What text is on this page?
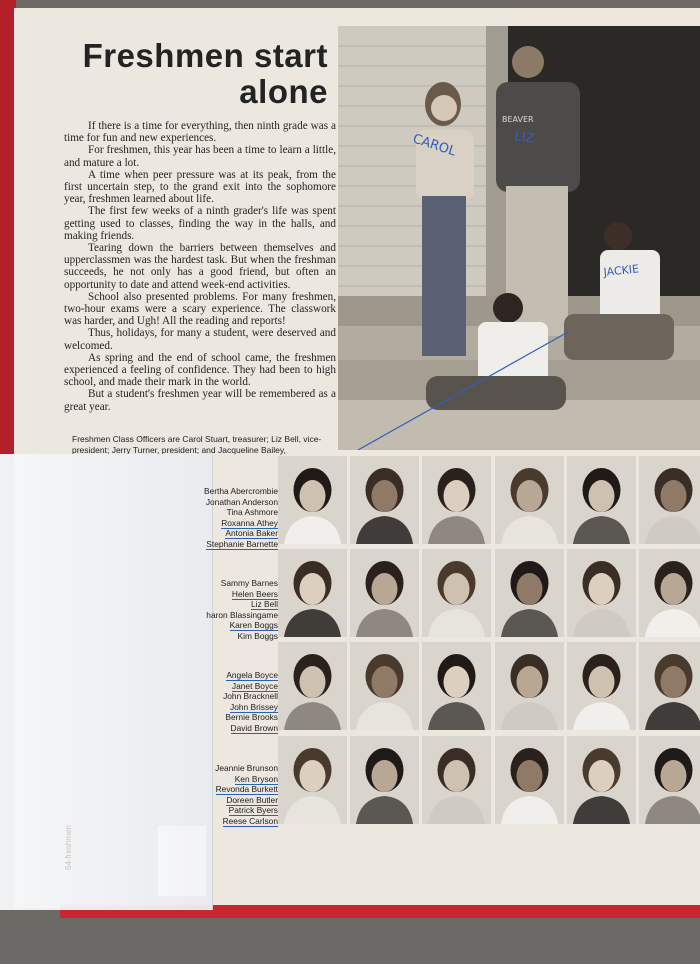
Freshmen start alone

If there is a time for everything, then ninth grade was a time for fun and new experiences.

For freshmen, this year has been a time to learn a little, and mature a lot.

A time when peer pressure was at its peak, from the first uncertain step, to the grand exit into the sophomore year, freshmen learned about life.

The first few weeks of a ninth grader's life was spent getting used to classes, finding the way in the halls, and making friends.

Tearing down the barriers between themselves and upperclassmen was the hardest task. But when the freshman succeeds, he not only has a good friend, but often an opportunity to date and attend week-end activities.

School also presented problems. For many freshmen, two-hour exams were a scary experience. The classwork was harder, and Ugh! All the reading and reports!

Thus, holidays, for many a student, were deserved and welcomed.

As spring and the end of school came, the freshmen experienced a feeling of confidence. They had been to high school, and made their mark in the world.

But a student's freshmen year will be remembered as a great year.

Freshmen Class Officers are Carol Stuart, treasurer; Liz Bell, vice-president; Jerry Turner, president; and Jacqueline Bailey,
CAROL	LIZ
JACKIE
BEAVER
Bertha Abercrombie
Jonathan Anderson
Tina Ashmore
Roxanna Athey
Antonia Baker
Stephanie Barnette
Sammy Barnes
Helen Beers
Liz Bell
haron Blassingame
Karen Boggs
Kim Boggs
Angela Boyce
Janet Boyce
John Bracknell
John Brissey
Bernie Brooks
David Brown
Jeannie Brunson
Ken Bryson
Revonda Burkett
Doreen Butler
Patrick Byers
Reese Carlson
64-freshmen
